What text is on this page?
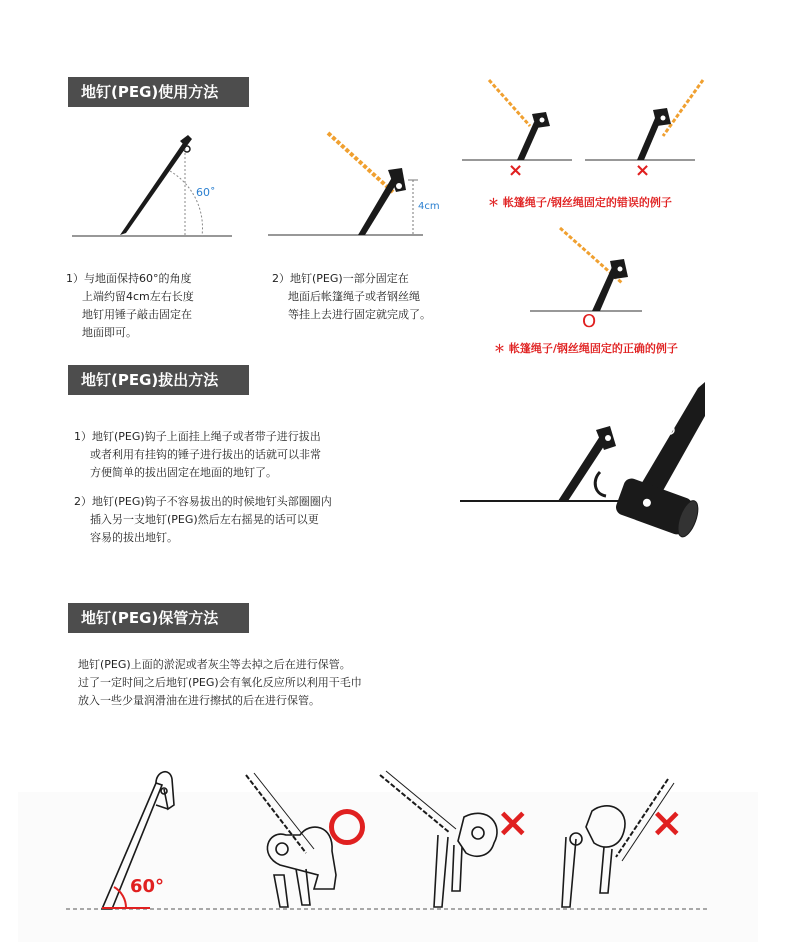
地钉(PEG)使用方法
60˚
4cm
1）与地面保持60°的角度
上端约留4cm左右长度
地钉用锤子敲击固定在
地面即可。
2）地钉(PEG)一部分固定在
地面后帐篷绳子或者钢丝绳
等挂上去进行固定就完成了。
×	×
＊ 帐篷绳子/钢丝绳固定的错误的例子
O
＊ 帐篷绳子/钢丝绳固定的正确的例子
地钉(PEG)拔出方法
1）地钉(PEG)钩子上面挂上绳子或者带子进行拔出
或者利用有挂钩的锤子进行拔出的话就可以非常
方便简单的拔出固定在地面的地钉了。
2）地钉(PEG)钩子不容易拔出的时候地钉头部圈圈内
插入另一支地钉(PEG)然后左右摇晃的话可以更
容易的拔出地钉。
地钉(PEG)保管方法
地钉(PEG)上面的淤泥或者灰尘等去掉之后在进行保管。
过了一定时间之后地钉(PEG)会有氧化反应所以利用干毛巾
放入一些少量润滑油在进行擦拭的后在进行保管。
60°
×	×
